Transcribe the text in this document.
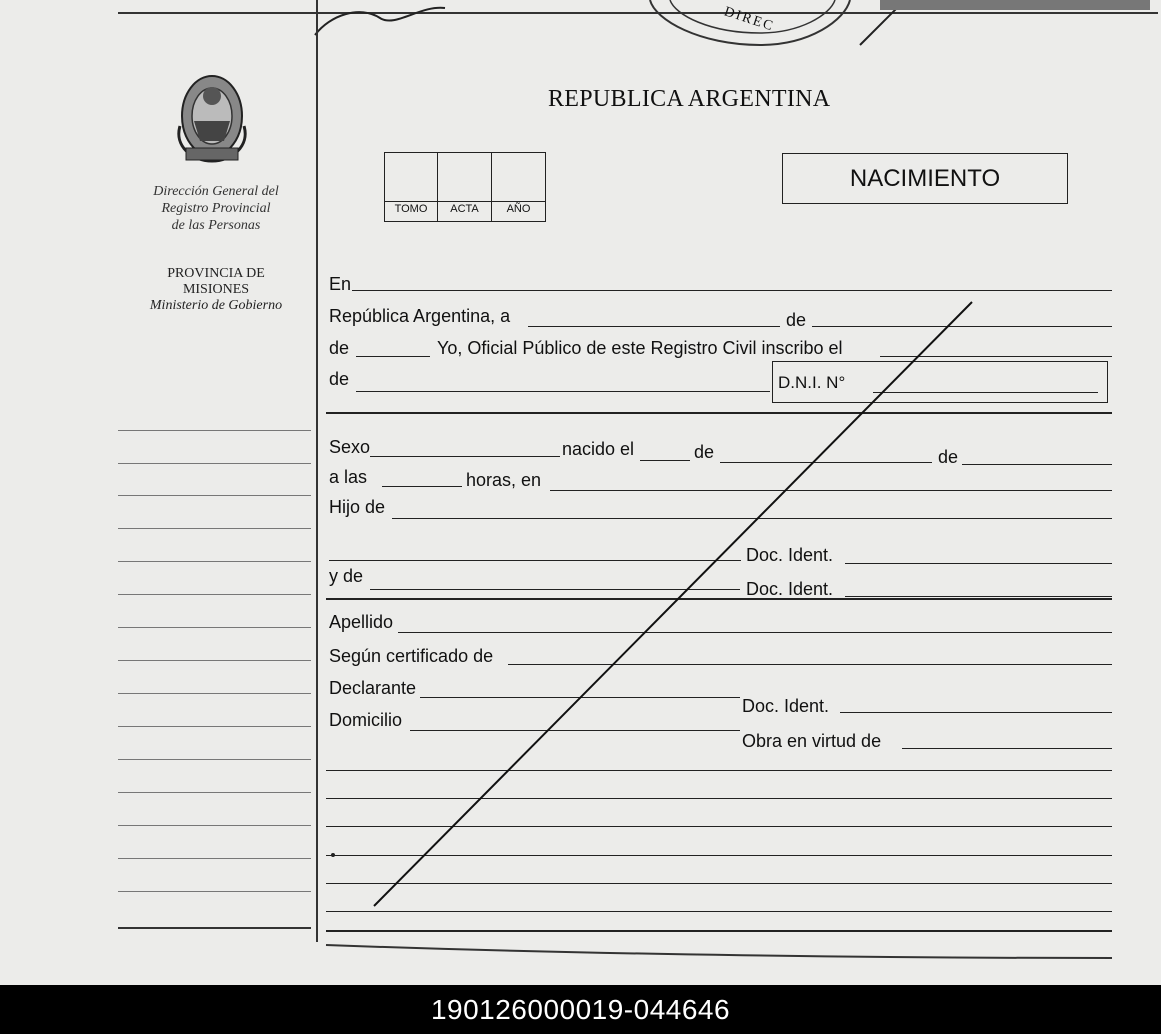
DIREC
Dirección General del
Registro Provincial
de las Personas
PROVINCIA DE
MISIONES
Ministerio de Gobierno
REPUBLICA ARGENTINA
TOMO	ACTA	AÑO
NACIMIENTO
En
República Argentina, a	de
de	Yo, Oficial Público de este Registro Civil inscribo el
de	D.N.I. N°
Sexo	nacido el	de	de
a las	horas, en
Hijo de
Doc. Ident.
y de
Doc. Ident.
Apellido
Según certificado de
Declarante
Doc. Ident.
Domicilio
Obra en virtud de
190126000019-044646
